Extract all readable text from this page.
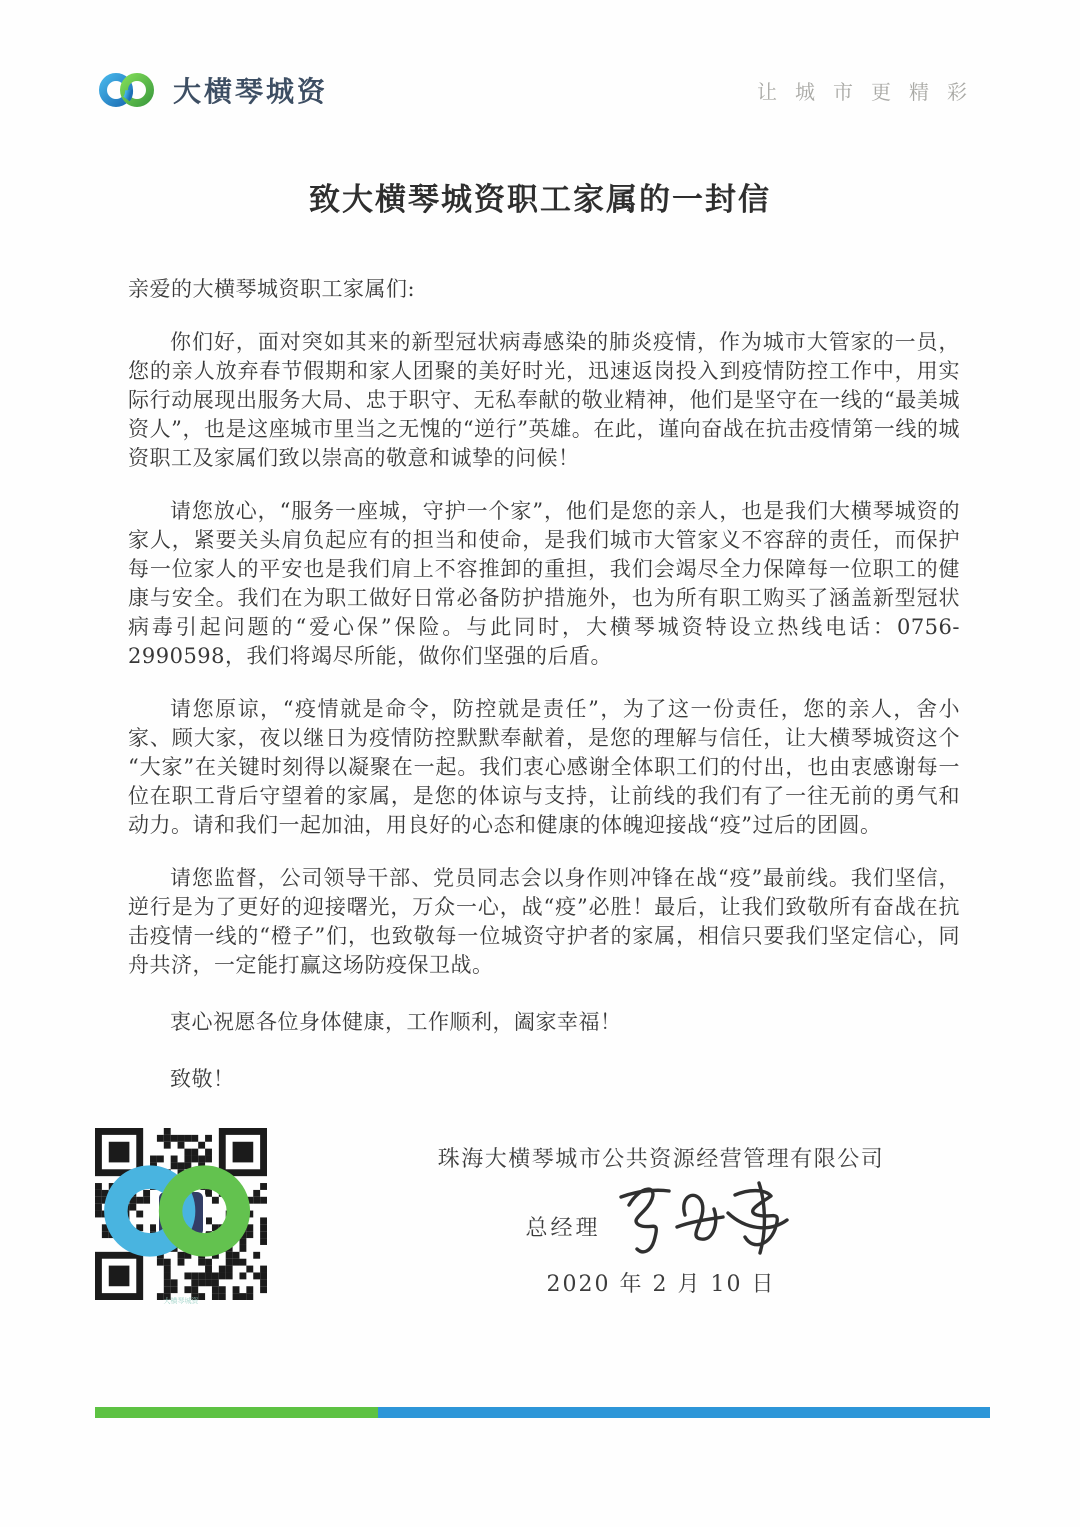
大横琴城资	让城市更精彩
致大横琴城资职工家属的一封信

亲爱的大横琴城资职工家属们:

你们好，面对突如其来的新型冠状病毒感染的肺炎疫情，作为城市大管家的一员，您的亲人放弃春节假期和家人团聚的美好时光，迅速返岗投入到疫情防控工作中，用实际行动展现出服务大局、忠于职守、无私奉献的敬业精神，他们是坚守在一线的“最美城资人”，也是这座城市里当之无愧的“逆行”英雄。在此，谨向奋战在抗击疫情第一线的城资职工及家属们致以崇高的敬意和诚挚的问候！

请您放心，“服务一座城，守护一个家”，他们是您的亲人，也是我们大横琴城资的家人，紧要关头肩负起应有的担当和使命，是我们城市大管家义不容辞的责任，而保护每一位家人的平安也是我们肩上不容推卸的重担，我们会竭尽全力保障每一位职工的健康与安全。我们在为职工做好日常必备防护措施外，也为所有职工购买了涵盖新型冠状病毒引起问题的“爱心保”保险。与此同时，大横琴城资特设立热线电话：0756-2990598，我们将竭尽所能，做你们坚强的后盾。

请您原谅，“疫情就是命令，防控就是责任”，为了这一份责任，您的亲人，舍小家、顾大家，夜以继日为疫情防控默默奉献着，是您的理解与信任，让大横琴城资这个“大家”在关键时刻得以凝聚在一起。我们衷心感谢全体职工们的付出，也由衷感谢每一位在职工背后守望着的家属，是您的体谅与支持，让前线的我们有了一往无前的勇气和动力。请和我们一起加油，用良好的心态和健康的体魄迎接战“疫”过后的团圆。

请您监督，公司领导干部、党员同志会以身作则冲锋在战“疫”最前线。我们坚信，逆行是为了更好的迎接曙光，万众一心，战“疫”必胜！最后，让我们致敬所有奋战在抗击疫情一线的“橙子”们，也致敬每一位城资守护者的家属，相信只要我们坚定信心，同舟共济，一定能打赢这场防疫保卫战。

衷心祝愿各位身体健康，工作顺利，阖家幸福！

致敬！

大横琴城资
珠海大横琴城市公共资源经营管理有限公司
总经理
2020 年 2 月 10 日
